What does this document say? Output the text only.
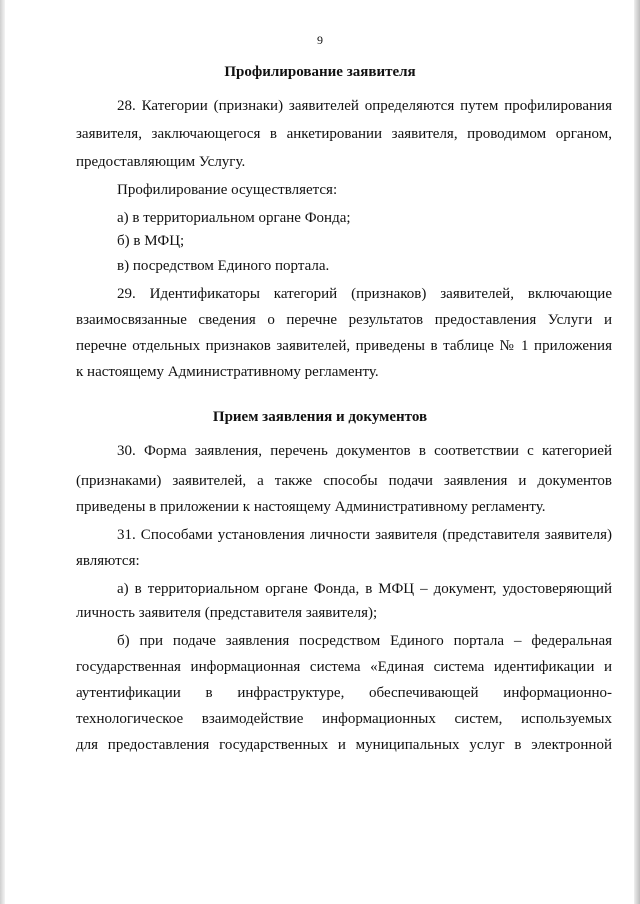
9
Профилирование заявителя
28. Категории (признаки) заявителей определяются путем профилирования
заявителя, заключающегося в анкетировании заявителя, проводимом органом,
предоставляющим Услугу.
Профилирование осуществляется:
а) в территориальном органе Фонда;
б) в МФЦ;
в) посредством Единого портала.
29. Идентификаторы категорий (признаков) заявителей, включающие
взаимосвязанные сведения о перечне результатов предоставления Услуги и
перечне отдельных признаков заявителей, приведены в таблице № 1 приложения
к настоящему Административному регламенту.
Прием заявления и документов
30. Форма заявления, перечень документов в соответствии с категорией
(признаками) заявителей, а также способы подачи заявления и документов
приведены в приложении к настоящему Административному регламенту.
31. Способами установления личности заявителя (представителя заявителя)
являются:
а) в территориальном органе Фонда, в МФЦ – документ, удостоверяющий
личность заявителя (представителя заявителя);
б) при подаче заявления посредством Единого портала – федеральная
государственная информационная система «Единая система идентификации и
аутентификации в инфраструктуре, обеспечивающей информационно-
технологическое взаимодействие информационных систем, используемых
для предоставления государственных и муниципальных услуг в электронной
